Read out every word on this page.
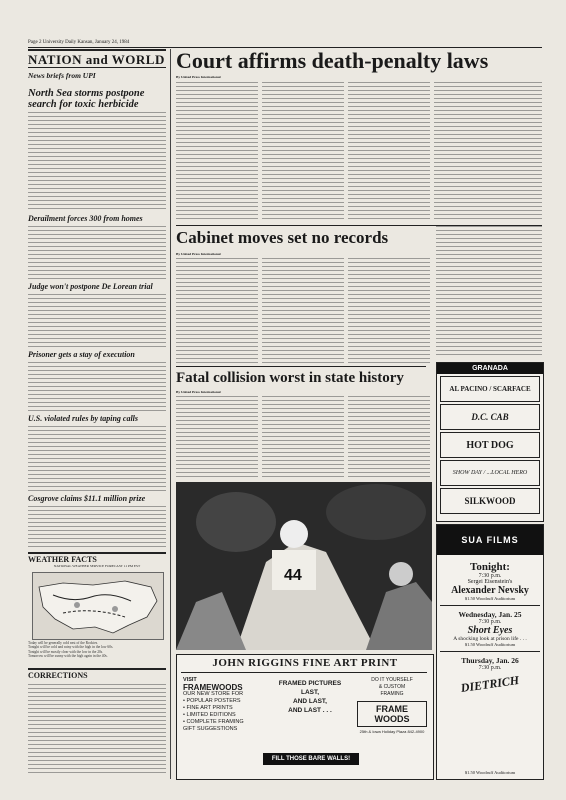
Page 2 University Daily Kansan, January 24, 1984
NATION and WORLD
News briefs from UPI
North Sea storms postpone search for toxic herbicide
Derailment forces 300 from homes
Judge won't postpone De Lorean trial
Prisoner gets a stay of execution
U.S. violated rules by taping calls
Cosgrove claims $11.1 million prize
WEATHER FACTS
NATIONAL WEATHER SERVICE FORECAST 11 PM EST
Today will be generally cold east of the Rockies.
Tonight will be cold and rainy with the high in the low 60s.
Tonight will be mostly clear with the low in the 20s.
Tomorrow will be sunny with the high again in the 40s.
CORRECTIONS
Court affirms death-penalty laws
By United Press International
Cabinet moves set no records
By United Press International
Fatal collision worst in state history
By United Press International
44
JOHN RIGGINS FINE ART PRINT
VISIT
FRAMEWOODS
OUR NEW STORE FOR
• POPULAR POSTERS
• FINE ART PRINTS
• LIMITED EDITIONS
• COMPLETE FRAMING
GIFT SUGGESTIONS
FRAMED PICTURES LAST,
AND LAST,
AND LAST . . .
DO IT YOURSELF
& CUSTOM
FRAMING
FRAME WOODS
25th & Iowa Holiday Plaza 842-4900
FILL THOSE BARE WALLS!
GRANADA
AL PACINO / SCARFACE
D.C. CAB
HOT DOG
SHOW DAY / ...LOCAL HERO
SILKWOOD
SUA FILMS
Tonight:
7:30 p.m.
Sergei Eisenstein's
Alexander Nevsky
$1.50 Woodruff Auditorium
Wednesday, Jan. 25
7:30 p.m.
Short Eyes
A shocking look at prison life . . .
$1.50 Woodruff Auditorium
Thursday, Jan. 26
7:30 p.m.
DIETRICH
$1.50 Woodruff Auditorium
